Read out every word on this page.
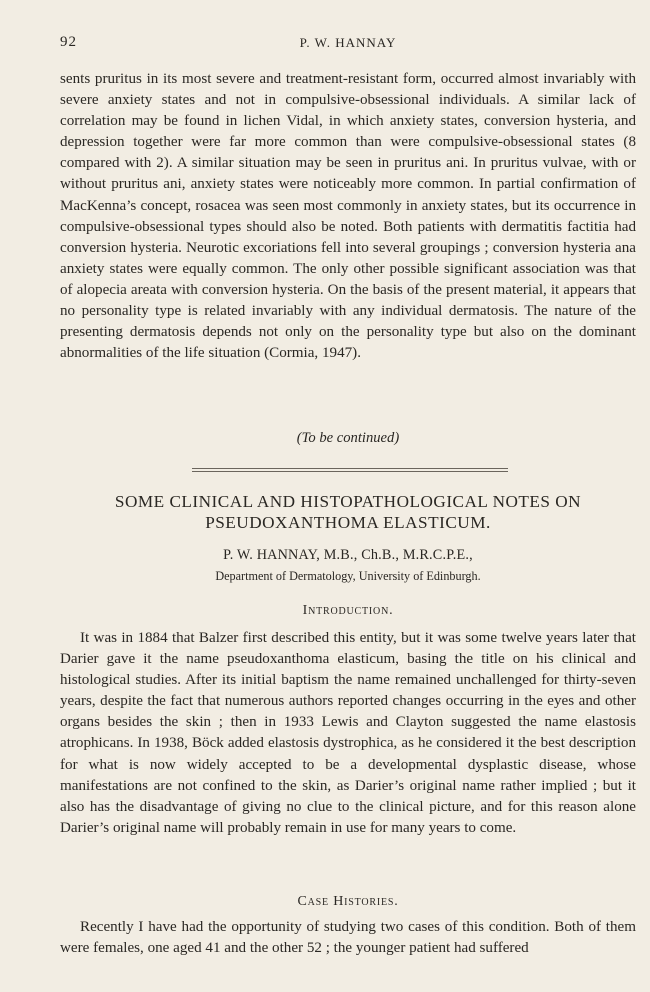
92	P. W. HANNAY

sents pruritus in its most severe and treatment-resistant form, occurred almost invariably with severe anxiety states and not in compulsive-obsessional individuals. A similar lack of correlation may be found in lichen Vidal, in which anxiety states, conversion hysteria, and depression together were far more common than were compulsive-obsessional states (8 compared with 2). A similar situation may be seen in pruritus ani. In pruritus vulvae, with or without pruritus ani, anxiety states were noticeably more common. In partial confirmation of MacKenna’s concept, rosacea was seen most commonly in anxiety states, but its occurrence in compulsive-obsessional types should also be noted. Both patients with dermatitis factitia had conversion hysteria. Neurotic excoriations fell into several groupings ; conversion hysteria ana anxiety states were equally common. The only other possible significant association was that of alopecia areata with conversion hysteria. On the basis of the present material, it appears that no personality type is related invariably with any individual dermatosis. The nature of the presenting dermatosis depends not only on the personality type but also on the dominant abnormalities of the life situation (Cormia, 1947).

(To be continued)
SOME CLINICAL AND HISTOPATHOLOGICAL NOTES ON
PSEUDOXANTHOMA ELASTICUM.
P. W. HANNAY, M.B., Ch.B., M.R.C.P.E.,
Department of Dermatology, University of Edinburgh.
Introduction.

It was in 1884 that Balzer first described this entity, but it was some twelve years later that Darier gave it the name pseudoxanthoma elasticum, basing the title on his clinical and histological studies. After its initial baptism the name remained unchallenged for thirty-seven years, despite the fact that numerous authors reported changes occurring in the eyes and other organs besides the skin ; then in 1933 Lewis and Clayton suggested the name elastosis atrophicans. In 1938, Böck added elastosis dystrophica, as he considered it the best description for what is now widely accepted to be a developmental dysplastic disease, whose manifestations are not confined to the skin, as Darier’s original name rather implied ; but it also has the disadvantage of giving no clue to the clinical picture, and for this reason alone Darier’s original name will probably remain in use for many years to come.

Case Histories.

Recently I have had the opportunity of studying two cases of this condition. Both of them were females, one aged 41 and the other 52 ; the younger patient had suffered
